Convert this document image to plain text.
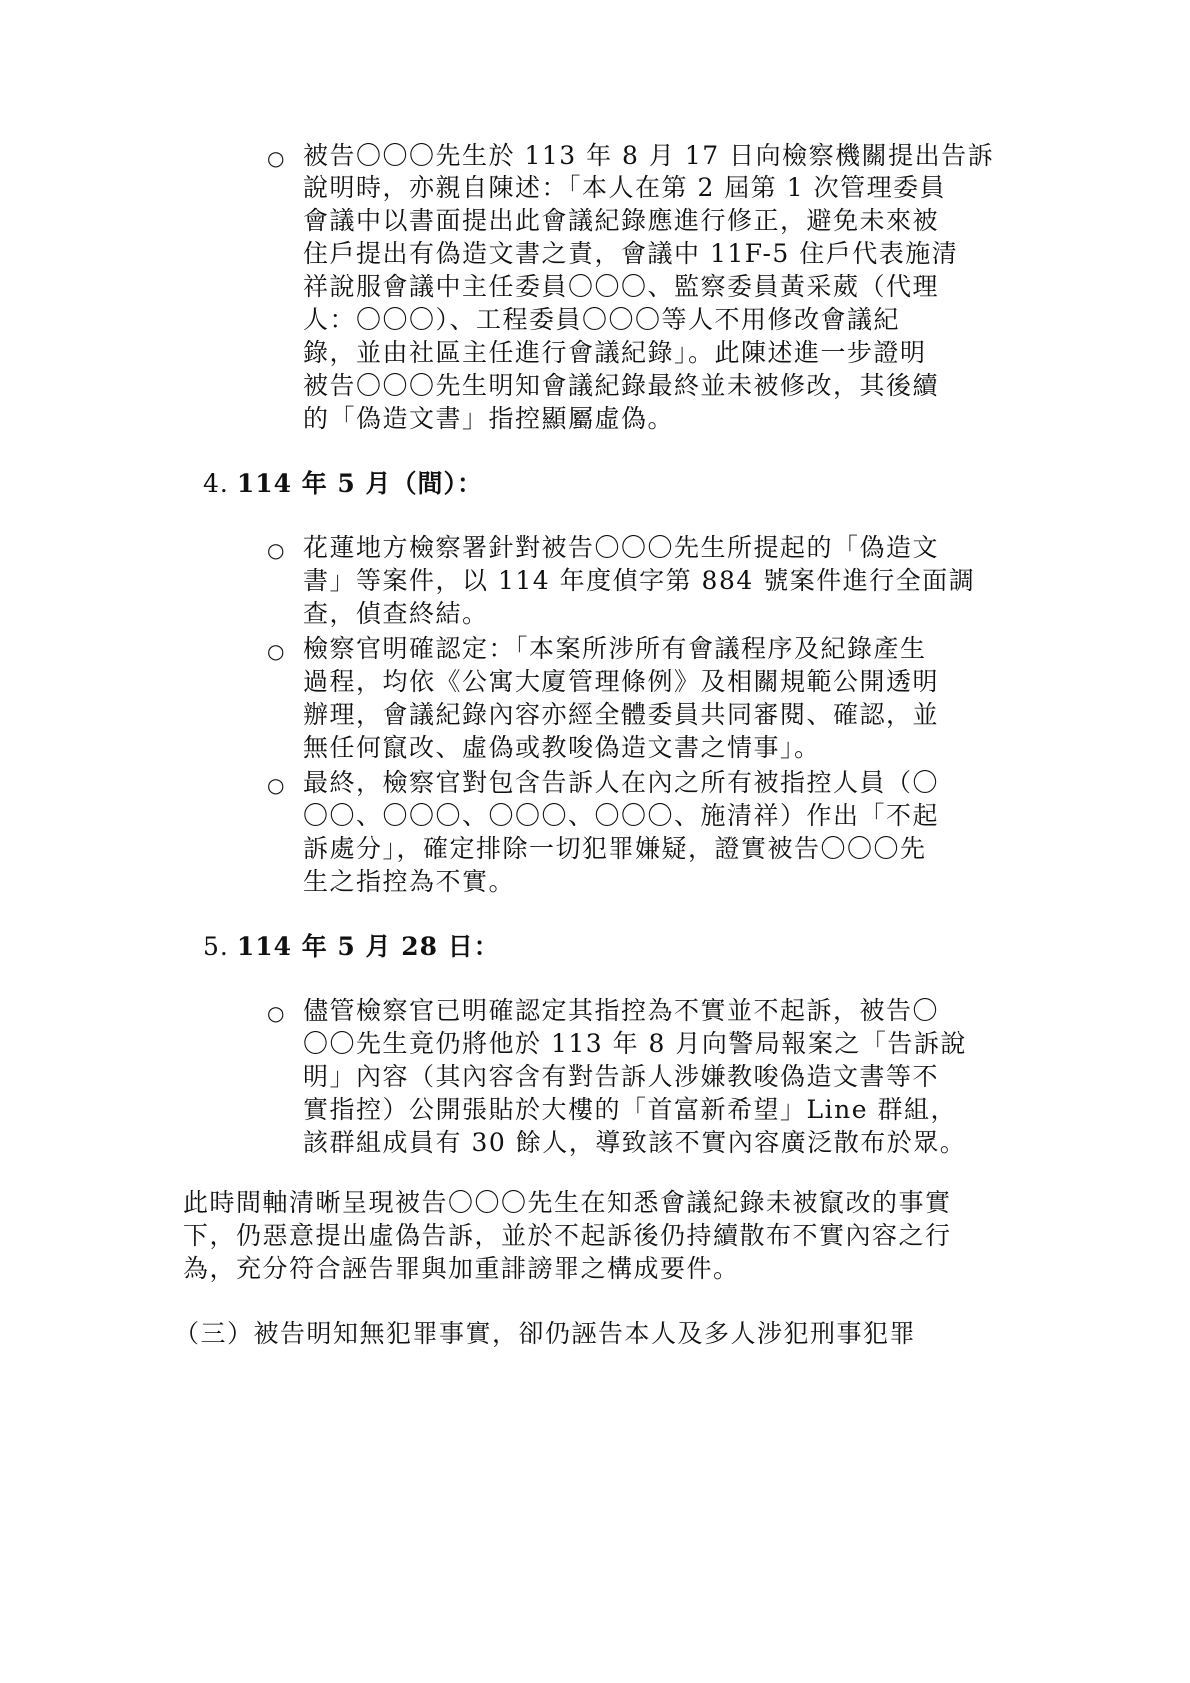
○ 被告〇〇〇先生於 113 年 8 月 17 日向檢察機關提出告訴
說明時，亦親自陳述：「本人在第 2 屆第 1 次管理委員
會議中以書面提出此會議紀錄應進行修正，避免未來被
住戶提出有偽造文書之責，會議中 11F-5 住戶代表施清
祥說服會議中主任委員〇〇〇、監察委員黃采葳（代理
人：〇〇〇）、工程委員〇〇〇等人不用修改會議紀
錄，並由社區主任進行會議紀錄」。此陳述進一步證明
被告〇〇〇先生明知會議紀錄最終並未被修改，其後續
的「偽造文書」指控顯屬虛偽。
4. 114 年 5 月（間）：
○ 花蓮地方檢察署針對被告〇〇〇先生所提起的「偽造文
書」等案件，以 114 年度偵字第 884 號案件進行全面調
查，偵查終結。
○ 檢察官明確認定：「本案所涉所有會議程序及紀錄產生
過程，均依《公寓大廈管理條例》及相關規範公開透明
辦理，會議紀錄內容亦經全體委員共同審閱、確認，並
無任何竄改、虛偽或教唆偽造文書之情事」。
○ 最終，檢察官對包含告訴人在內之所有被指控人員（〇
〇〇、〇〇〇、〇〇〇、〇〇〇、施清祥）作出「不起
訴處分」，確定排除一切犯罪嫌疑，證實被告〇〇〇先
生之指控為不實。
5. 114 年 5 月 28 日：
○ 儘管檢察官已明確認定其指控為不實並不起訴，被告〇
〇〇先生竟仍將他於 113 年 8 月向警局報案之「告訴說
明」內容（其內容含有對告訴人涉嫌教唆偽造文書等不
實指控）公開張貼於大樓的「首富新希望」Line 群組，
該群組成員有 30 餘人，導致該不實內容廣泛散布於眾。
此時間軸清晰呈現被告〇〇〇先生在知悉會議紀錄未被竄改的事實
下，仍惡意提出虛偽告訴，並於不起訴後仍持續散布不實內容之行
為，充分符合誣告罪與加重誹謗罪之構成要件。
（三）被告明知無犯罪事實，卻仍誣告本人及多人涉犯刑事犯罪
